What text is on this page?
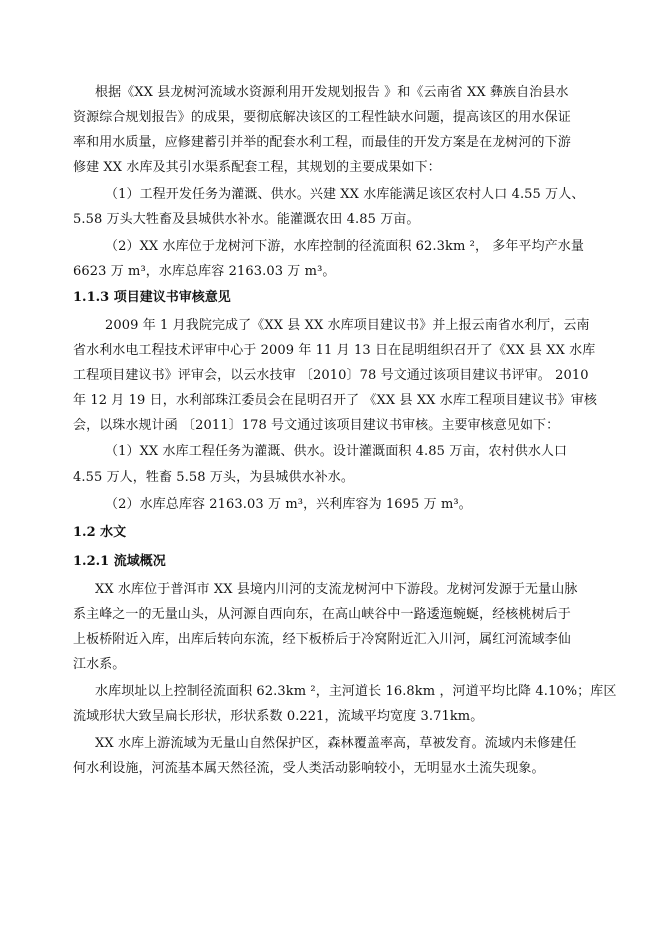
根据《XX 县龙树河流域水资源利用开发规划报告 》和《云南省 XX 彝族自治县水
资源综合规划报告》的成果，要彻底解决该区的工程性缺水问题，提高该区的用水保证
率和用水质量，应修建蓄引并举的配套水利工程，而最佳的开发方案是在龙树河的下游
修建 XX 水库及其引水渠系配套工程，其规划的主要成果如下：
（1）工程开发任务为灌溉、供水。兴建 XX 水库能满足该区农村人口 4.55 万人、
5.58 万头大牲畜及县城供水补水。能灌溉农田 4.85 万亩。
（2）XX 水库位于龙树河下游，水库控制的径流面积 62.3km ²， 多年平均产水量
6623 万 m³，水库总库容 2163.03 万 m³。
1.1.3 项目建议书审核意见
2009 年 1 月我院完成了《XX 县 XX 水库项目建议书》并上报云南省水利厅，云南
省水利水电工程技术评审中心于 2009 年 11 月 13 日在昆明组织召开了《XX 县 XX 水库
工程项目建议书》评审会，以云水技审 〔2010〕78 号文通过该项目建议书评审。 2010
年 12 月 19 日，水利部珠江委员会在昆明召开了 《XX 县 XX 水库工程项目建议书》审核
会，以珠水规计函 〔2011〕178 号文通过该项目建议书审核。主要审核意见如下：
（1）XX 水库工程任务为灌溉、供水。设计灌溉面积 4.85 万亩，农村供水人口
4.55 万人，牲畜 5.58 万头，为县城供水补水。
（2）水库总库容 2163.03 万 m³，兴利库容为 1695 万 m³。
1.2 水文
1.2.1 流域概况
XX 水库位于普洱市 XX 县境内川河的支流龙树河中下游段。龙树河发源于无量山脉
系主峰之一的无量山头，从河源自西向东，在高山峡谷中一路逶迤蜿蜒，经核桃树后于
上板桥附近入库，出库后转向东流，经下板桥后于冷窝附近汇入川河，属红河流域李仙
江水系。
水库坝址以上控制径流面积 62.3km ²，主河道长 16.8km ，河道平均比降 4.10%；库区
流域形状大致呈扁长形状，形状系数 0.221，流域平均宽度 3.71km。
XX 水库上游流域为无量山自然保护区，森林覆盖率高，草被发育。流域内未修建任
何水利设施，河流基本属天然径流，受人类活动影响较小，无明显水土流失现象。
